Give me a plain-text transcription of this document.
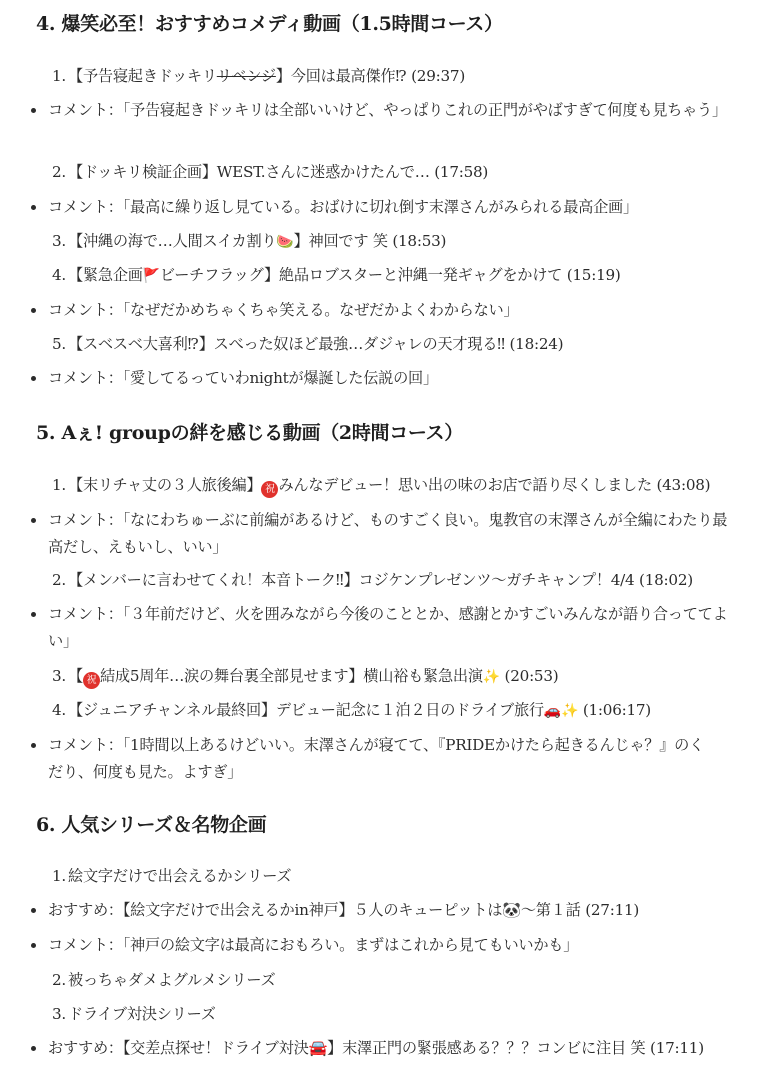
4. 爆笑必至！おすすめコメディ動画（1.5時間コース）
1. 【予告寝起きドッキリリベンジ】今回は最高傑作⁉ (29:37)
コメント：「予告寝起きドッキリは全部いいけど、やっぱりこれの正門がやばすぎて何度も見ちゃう」
2. 【ドッキリ検証企画】WEST.さんに迷惑かけたんで… (17:58)
コメント：「最高に繰り返し見ている。おばけに切れ倒す末澤さんがみられる最高企画」
3. 【沖縄の海で…人間スイカ割り🍉】神回です 笑 (18:53)
4. 【緊急企画🚩ビーチフラッグ】絶品ロブスターと沖縄一発ギャグをかけて (15:19)
コメント：「なぜだかめちゃくちゃ笑える。なぜだかよくわからない」
5. 【スベスベ大喜利⁉】スべった奴ほど最強…ダジャレの天才現る‼ (18:24)
コメント：「愛してるっていわnightが爆誕した伝説の回」
5. Aぇ! groupの絆を感じる動画（2時間コース）
1. 【末リチャ丈の３人旅後編】 祝 みんなデビュー！思い出の味のお店で語り尽くしました (43:08)
コメント：「なにわちゅーぶに前編があるけど、ものすごく良い。鬼教官の末澤さんが全編にわたり最高だし、えもいし、いい」
2. 【メンバーに言わせてくれ！本音トーク‼】コジケンプレゼンツ〜ガチキャンプ！4/4 (18:02)
コメント：「３年前だけど、火を囲みながら今後のこととか、感謝とかすごいみんなが語り合っててよい」
3. 【 祝 結成5周年…涙の舞台裏全部見せます】横山裕も緊急出演✨ (20:53)
4. 【ジュニアチャンネル最終回】デビュー記念に１泊２日のドライブ旅行🚗✨ (1:06:17)
コメント：「1時間以上あるけどいい。末澤さんが寝てて、『PRIDEかけたら起きるんじゃ？』のくだり、何度も見た。よすぎ」
6. 人気シリーズ＆名物企画
1. 絵文字だけで出会えるかシリーズ
おすすめ：【絵文字だけで出会えるかin神戸】５人のキューピットは🐼〜第１話 (27:11)
コメント：「神戸の絵文字は最高におもろい。まずはこれから見てもいいかも」
2. 被っちゃダメよグルメシリーズ
3. ドライブ対決シリーズ
おすすめ：【交差点探せ！ドライブ対決🚘】末澤正門の緊張感ある？？？コンビに注目 笑 (17:11)
